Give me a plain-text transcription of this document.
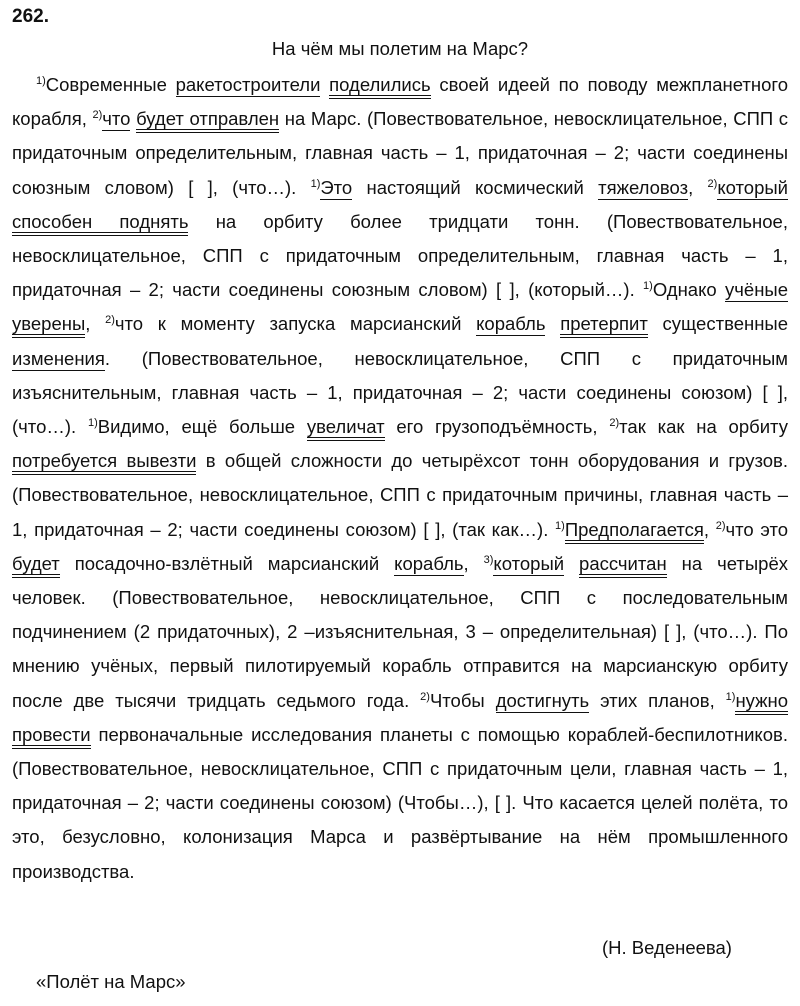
262.
На чём мы полетим на Марс?
$^{1)}$Современные ракетостроители поделились своей идеей по поводу межпланетного корабля, $^{2)}$что будет отправлен на Марс. (Повествовательное, невосклицательное, СПП с придаточным определительным, главная часть – 1, придаточная – 2; части соединены союзным словом) [ ], (что…). $^{1)}$Это настоящий космический тяжеловоз, $^{2)}$который способен поднять на орбиту более тридцати тонн. (Повествовательное, невосклицательное, СПП с придаточным определительным, главная часть – 1, придаточная – 2; части соединены союзным словом) [ ], (который…). $^{1)}$Однако учёные уверены, $^{2)}$что к моменту запуска марсианский корабль претерпит существенные изменения. (Повествовательное, невосклицательное, СПП с придаточным изъяснительным, главная часть – 1, придаточная – 2; части соединены союзом) [ ], (что…). $^{1)}$Видимо, ещё больше увеличат его грузоподъёмность, $^{2)}$так как на орбиту потребуется вывезти в общей сложности до четырёхсот тонн оборудования и грузов. (Повествовательное, невосклицательное, СПП с придаточным причины, главная часть – 1, придаточная – 2; части соединены союзом) [ ], (так как…). $^{1)}$Предполагается, $^{2)}$что это будет посадочно-взлётный марсианский корабль, $^{3)}$который рассчитан на четырёх человек. (Повествовательное, невосклицательное, СПП с последовательным подчинением (2 придаточных), 2 –изъяснительная, 3 – определительная) [ ], (что…). По мнению учёных, первый пилотируемый корабль отправится на марсианскую орбиту после две тысячи тридцать седьмого года. $^{2)}$Чтобы достигнуть этих планов, $^{1)}$нужно провести первоначальные исследования планеты с помощью кораблей-беспилотников. (Повествовательное, невосклицательное, СПП с придаточным цели, главная часть – 1, придаточная – 2; части соединены союзом) (Чтобы…), [ ]. Что касается целей полёта, то это, безусловно, колонизация Марса и развёртывание на нём промышленного производства.
(Н. Веденеева)
«Полёт на Марс»
